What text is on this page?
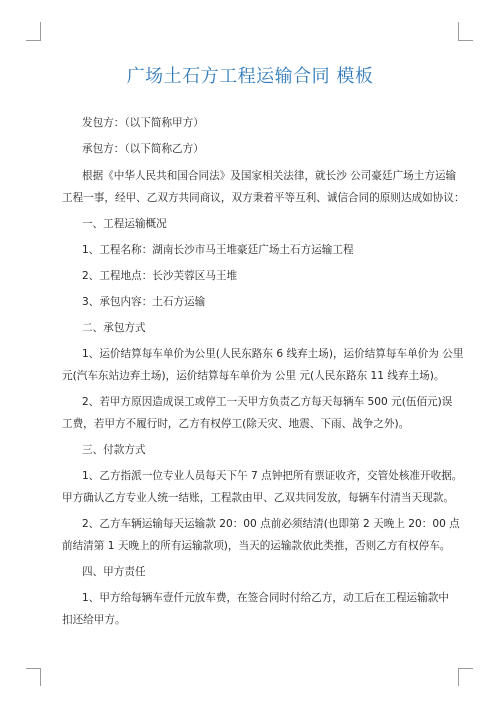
广场土石方工程运输合同 模板
发包方：（以下简称甲方）
承包方：（以下简称乙方）
根据《中华人民共和国合同法》及国家相关法律，就长沙 公司豪廷广场土方运输
工程一事，经甲、乙双方共同商议，双方秉着平等互利、诚信合同的原则达成如协议：
一、工程运输概况
1、工程名称：湖南长沙市马王堆豪廷广场土石方运输工程
2、工程地点：长沙芙蓉区马王堆
3、承包内容：土石方运输
二、承包方式
1、运价结算每车单价为公里(人民东路东 6 线弃土场)，运价结算每车单价为 公里
元(汽车东站边弃土场)，运价结算每车单价为 公里 元(人民东路东 11 线弃土场)。
2、若甲方原因造成误工或停工一天甲方负责乙方每天每辆车 500 元(伍佰元)误
工费，若甲方不履行时，乙方有权停工(除天灾、地震、下雨、战争之外)。
三、付款方式
1、乙方指派一位专业人员每天下午 7 点钟把所有票证收齐，交管处核准开收据。
甲方确认乙方专业人统一结账，工程款由甲、乙双共同发放，每辆车付清当天现款。
2、乙方车辆运输每天运输款 20：00 点前必须结清(也即第 2 天晚上 20：00 点
前结清第 1 天晚上的所有运输款项)，当天的运输款依此类推，否则乙方有权停车。
四、甲方责任
1、甲方给每辆车壹仟元放车费，在签合同时付给乙方，动工后在工程运输款中
扣还给甲方。
